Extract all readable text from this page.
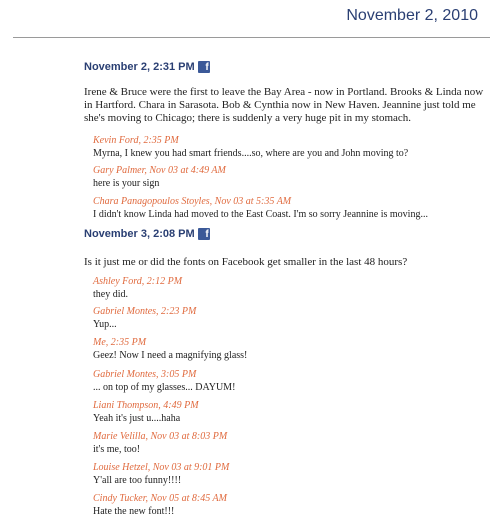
November 2, 2010
November 2, 2:31 PM	f
Irene & Bruce were the first to leave the Bay Area - now in Portland. Brooks & Linda now in Hartford. Chara in Sarasota. Bob & Cynthia now in New Haven. Jeannine just told me she's moving to Chicago; there is suddenly a very huge pit in my stomach.
Kevin Ford, 2:35 PM
Myrna, I knew you had smart friends....so, where are you and John moving to?
Gary Palmer, Nov 03 at 4:49 AM
here is your sign
Chara Panagopoulos Stoyles, Nov 03 at 5:35 AM
I didn't know Linda had moved to the East Coast. I'm so sorry Jeannine is moving...
November 3, 2:08 PM	f
Is it just me or did the fonts on Facebook get smaller in the last 48 hours?
Ashley Ford, 2:12 PM
they did.
Gabriel Montes, 2:23 PM
Yup...
Me, 2:35 PM
Geez! Now I need a magnifying glass!
Gabriel Montes, 3:05 PM
... on top of my glasses... DAYUM!
Liani Thompson, 4:49 PM
Yeah it's just u....haha
Marie Velilla, Nov 03 at 8:03 PM
it's me, too!
Louise Hetzel, Nov 03 at 9:01 PM
Y'all are too funny!!!!
Cindy Tucker, Nov 05 at 8:45 AM
Hate the new font!!!
